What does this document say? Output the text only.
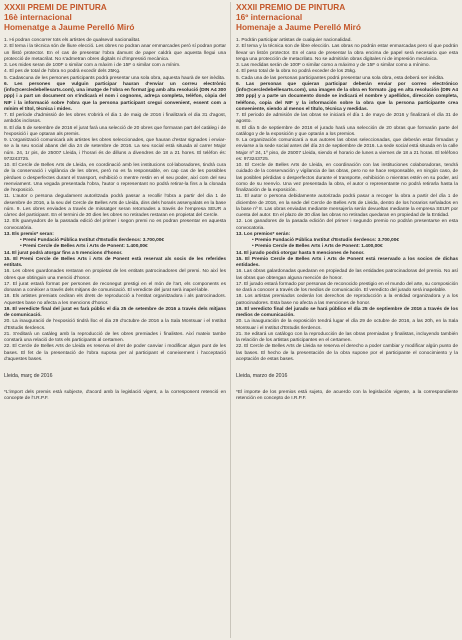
XXXII PREMI DE PINTURA
16è internacional
Homenatge a Jaume Perelló Miró

1. Hi podran concorrer tots els artistes de qualsevol nacionalitat.

2. El tema i la tècnica són de lliure elecció. Les obres no podran anar emmarcades però sí podran portar un llistó protector. En el cas de presentar l'obra damunt de paper caldrà que aquesta llegui una protecció de metacrilat. No s'admetran obres digitals ni d'impressió mecànica.

3. Les mides seran de 100F o similar com a màxim i de 15F o similar com a mínim.

4. El pes de total de l'obra no podrà excedir dels 25Kg.

5. Cadascuna de les persones participants podrà presentar una sola obra, aquesta haurà de ser inèdita.

6. Les persones que vulguin participar hauran d'enviar un correu electrònic (info@cercledebellesarts.com), una imatge de l'obra en format jpg amb alta resolució (DIN A4 300 ppp) i a part un document on s'indicarà el nom i cognoms, adreça completa, telèfon, còpia del NIF i la informació sobre l'obra que la persona participant cregui convenient, essent com a mínim el títol, tècnica i mides.

7. El període d'admissió de les obres s'obrirà el dia 1 de maig de 2016 i finalitzarà el dia 31 d'agost, ambdós inclosos.

8. El dia 5 de setembre de 2016 el jurat farà una selecció de 20 obres que formaran part del catàleg i de l'exposició i que optaran als premis.

9. L'organització comunicarà als artistes les obres seleccionades, que hauran d'estar signades i enviar-se a la seu social abans del dia 24 de setembre de 2016. La seu social està situada al carrer Major núm. 24, 1r pis, de 25007 Lleida, i l'horari és de dilluns a divendres de 18 a 21 hores. El telèfon és: 973243725.

10. El Cercle de Belles Arts de Lleida, en coordinació amb les institucions col·laboradores, tindrà cura de la conservació i vigilància de les obres, però no es fa responsable, en cap cas de les possibles pèrdues o desperfectes durant el transport, exhibició o mentre restin en el seu poder, així com del seu reenviament. Una vegada presentada l'obra, l'autor o representant no podrà retirar-la fins a la clonada de l'exposició.

11. L'autor o persona degudament autoritzada podrà passar a recollir l'obra a partir del dia 1 de desembre de 2016, a la seu del Cercle de Belles Arts de Lleida, dins dels horaris assenyalats en la base núm. 9. Les obres enviades a través de missatger seran retornades a través de l'empresa SEUR a càrrec del participant. En el termini de 30 dies les obres no retirades restaran en propietat del Cercle.

12. Els guanyadors de la passada edició del primer i segon premi no es podran presentar en aquesta convocatòria.

13. Els premis* seran:

• Premi Fundació Pública Institut d'Estudis Ilerdencs: 3.700,00€

• Premi Cercle de Belles Arts i Arts de Ponent: 1.400,00€

14. El jurat podrà atorgar fins a 5 mencions d'honor.

15. El Premi Cercle de Belles Arts i Arts de Ponent està reservat als socis de les referides entitats.

16. Les obres guardonades restaran en propietat de les entitats patrocinadores del premi. No així les obres que obtinguin una menció d'honor.

17. El jurat estarà format per persones de reconegut prestigi en el món de l'art, els components es donaran a conèixer a través dels mitjans de comunicació. El veredicte del jurat serà inapel·lable.

18. Els artistes premiats cediran els drets de reproducció a l'entitat organitzadora i als patrocinadors. Aquestes base no afecta a les mencions d'honor.

19. El veredicte final del jurat es farà públic el dia 25 de setembre de 2016 a través dels mitjans de comunicació.

20. La inauguració de l'exposició tindrà lloc el dia 29 d'octubre de 2016 a la Sala Montsuar i el Institut d'Estudis Ilerdencs.

21. S'editarà un catàleg amb la reproducció de les obres premiades i finalistes. Així mateix tambe constarà una relació de tots els participants al certamen.

22. El Cercle de Belles Arts de Lleida es reserva el dret de poder canviar i modificar algun punt de les bases. El fet de la presentació de l'obra suposa per al participant el coneixement i l'acceptació d'aquestes bases.

Lleida, març de 2016
*L'import dels premis està subjecte, d'acord amb la legislació vigent, a la corresponent retenció en concepte de l'I.R.P.F.
XXXII PREMIO DE PINTURA
16º internacional
Homenaje a Jaume Perelló Miró

1. Podrán participar artistas de cualquier nacionalidad.

2. El tema y la técnica son de libre elección. Las obras no podrán estar enmarcadas pero sí que podrán llevar un listón protector. En el caso de presentar la obra encima de papel será necesario que esta tenga una protección de metacrilato. No se admitirán obras digitales ni de impresión mecánica.

3. Las medidas serán de 100F o similar como a máximo y de 15F o similar como a mínimo.

4. El peso total de la obra no podrá exceder de los 25kg.

5. Cada una de las personas participantes podrá presentar una sola obra, esta deberá ser inédita.

6. Las personas que quieran participar deberán enviar por correo electrónico (info@cercledebellesarts.com), una imagen de la obra en formato .jpg en alta resolución (DIN A4 300 ppp) y a parte un documento donde se indicará el nombre y apellidos, dirección completa, teléfono, copia del NIF y la información sobre la obra que la persona participante crea conveniente, siendo al menos el título, técnica y medidas.

7. El periodo de admisión de las obras se iniciará el día 1 de mayo de 2016 y finalizará el día 31 de agosto.

8. El día 5 de septiembre de 2016 el jurado hará una selección de 20 obras que formarán parte del catálogo y de la exposición y que optarán a los premios.

9. La organización comunicará a sus autores las obras seleccionadas, que deberán estar firmadas y enviarse a la sede social antes del día 24 de septiembre de 2016. La sede social está situada en la calle Major nº 24, 1º piso, de 25007 Lleida, siendo el horario de lunes a viernes de 18 a 21 horas. El teléfono es: 973243725.

10. El Cercle de Belles Arts de Lleida, en coordinación con las instituciones colaboradoras, tendrá cuidado de la conservación y vigilancia de las obras, pero no se hace responsable, en ningún caso, de las posibles pérdidas o desperfectos durante el transporte, exhibición o mientras estén en su poder, así como de su reenvío. Una vez presentada la obra, el autor o representante no podrá retirarla hasta la finalización de la exposición.

11. El autor o persona debidamente autorizada podrá pasar a recoger la obra a partir del día 1 de diciembre de 2016, en la sede del Cercle de Belles Arts de Lleida, dentro de los horarios señalados en la base nº 8. Las obras enviadas mediante mensajería serán devueltas mediante la empresa SEUR por cuenta del autor. En el plazo de 30 días las obras no retiradas quedaran en propiedad de la Entidad.

12. Los ganadores de la pasada edición del primer i segundo premio no podrán presentarse en esta convocatoria.

13. Los premios* serán:

• Premio Fundació Pública Institut d'Estudis Ilerdencs: 3.700,00€

• Premio Cercle de Belles Arts i Arts de Ponent: 1.400,00€

14. El jurado podrá otorgar hasta 5 menciones de honor.

15. El Premio Cercle de Belles Arts i Arts de Ponent está reservado a los socios de dichas entidades.

16. Las obras galardonadas quedaran en propiedad de las entidades patrocinadoras del premio. No así las obras que obtengan alguna mención de honor.

17. El jurado estará formado por personas de reconocido prestigio en el mundo del arte, su composición se dará a conocer a través de los medios de comunicación. El veredicto del jurado será inapelable.

18. Los artistas premiados cederán los derechos de reproducción a la entidad organizadora y a los patrocinadores. Esta base no afecta a las menciones de honor.

19. El veredicto final del jurado se hará público el día 25 de septiembre de 2016 a través de los medios de comunicación.

20. La inauguración de la exposición tendrá lugar el día 29 de octubre de 2016, a las 20h, en la Sala Montsuar i el Institut d'Estudis Ilerdencs.

21. Se editará un catálogo con la reproducción de las obras premiadas y finalistas, incluyendo también la relación de los artistas participantes en el certamen.

22. El Cercle de Belles Arts de Lleida se reserva el derecho a poder cambiar y modificar algún punto de las bases. El hecho de la presentación de la obra supone por el participante el conocimiento y la aceptación de estas bases.

Lleida, marzo de 2016
*El importe de los premios está sujeto, de acuerdo con la legislación vigente, a la correspondiente retención en concepto de I.R.P.F.
